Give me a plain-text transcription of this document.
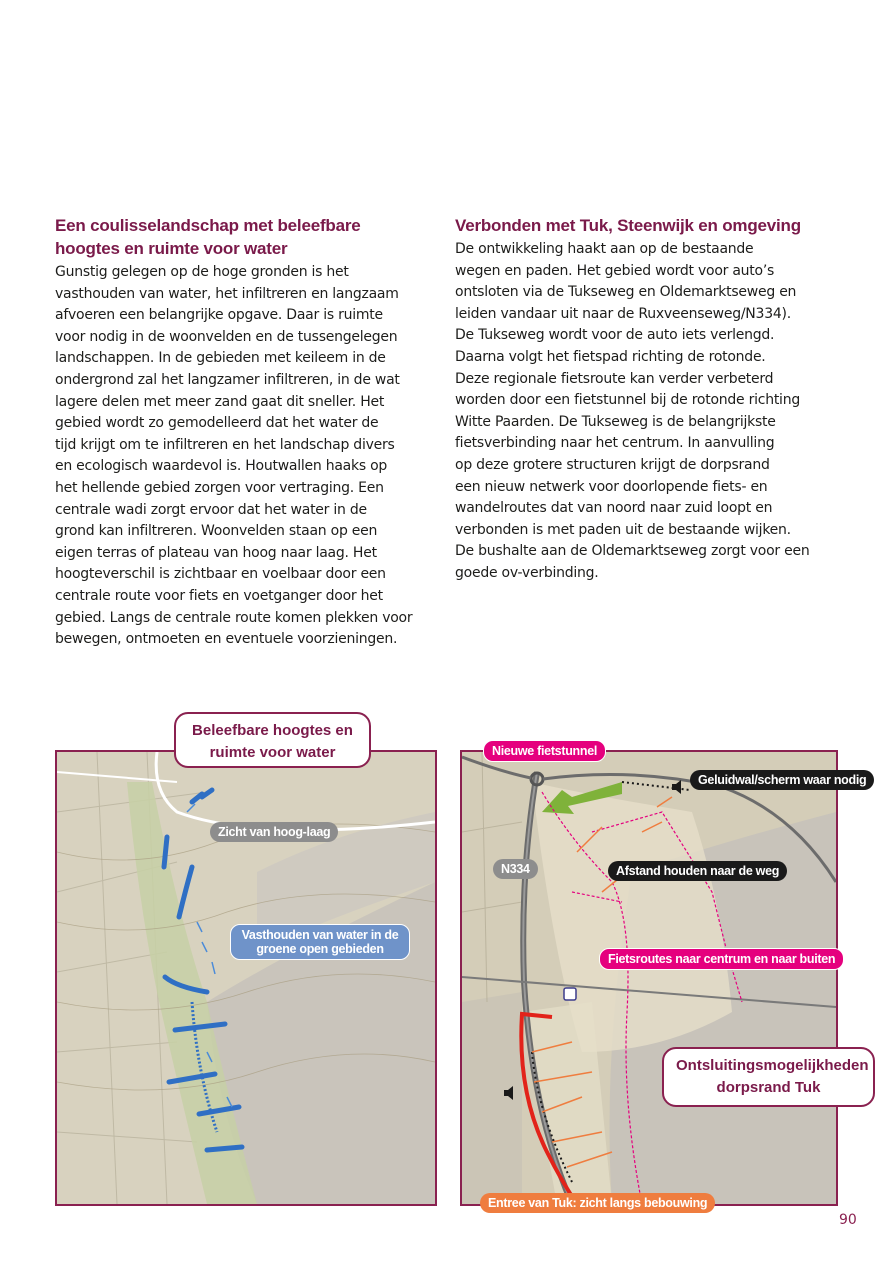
Een coulisselandschap met beleefbare
hoogtes en ruimte voor water

Gunstig gelegen op de hoge gronden is het
vasthouden van water, het infiltreren en langzaam
afvoeren een belangrijke opgave. Daar is ruimte
voor nodig in de woonvelden en de tussengelegen
landschappen. In de gebieden met keileem in de
ondergrond zal het langzamer infiltreren, in de wat
lagere delen met meer zand gaat dit sneller. Het
gebied wordt zo gemodelleerd dat het water de
tijd krijgt om te infiltreren en het landschap divers
en ecologisch waardevol is. Houtwallen haaks op
het hellende gebied zorgen voor vertraging. Een
centrale wadi zorgt ervoor dat het water in de
grond kan infiltreren. Woonvelden staan op een
eigen terras of plateau van hoog naar laag. Het
hoogteverschil is zichtbaar en voelbaar door een
centrale route voor fiets en voetganger door het
gebied. Langs de centrale route komen plekken voor
bewegen, ontmoeten en eventuele voorzieningen.

Verbonden met Tuk, Steenwijk en omgeving

De ontwikkeling haakt aan op de bestaande
wegen en paden. Het gebied wordt voor auto’s
ontsloten via de Tukseweg en Oldemarktseweg en
leiden vandaar uit naar de Ruxveenseweg/N334).
De Tukseweg wordt voor de auto iets verlengd.
Daarna volgt het fietspad richting de rotonde.
Deze regionale fietsroute kan verder verbeterd
worden door een fietstunnel bij de rotonde richting
Witte Paarden. De Tukseweg is de belangrijkste
fietsverbinding naar het centrum. In aanvulling
op deze grotere structuren krijgt de dorpsrand
een nieuw netwerk voor doorlopende fiets- en
wandelroutes dat van noord naar zuid loopt en
verbonden is met paden uit de bestaande wijken.
De bushalte aan de Oldemarktseweg zorgt voor een
goede ov-verbinding.

Beleefbare hoogtes en
ruimte voor water
Zicht van hoog-laag
Vasthouden van water in de groene open gebieden
Nieuwe fietstunnel
Geluidwal/scherm waar nodig
N334	Afstand houden naar de weg
Fietsroutes naar centrum en naar buiten
Ontsluitingsmogelijkheden
dorpsrand Tuk
Entree van Tuk: zicht langs bebouwing
90
